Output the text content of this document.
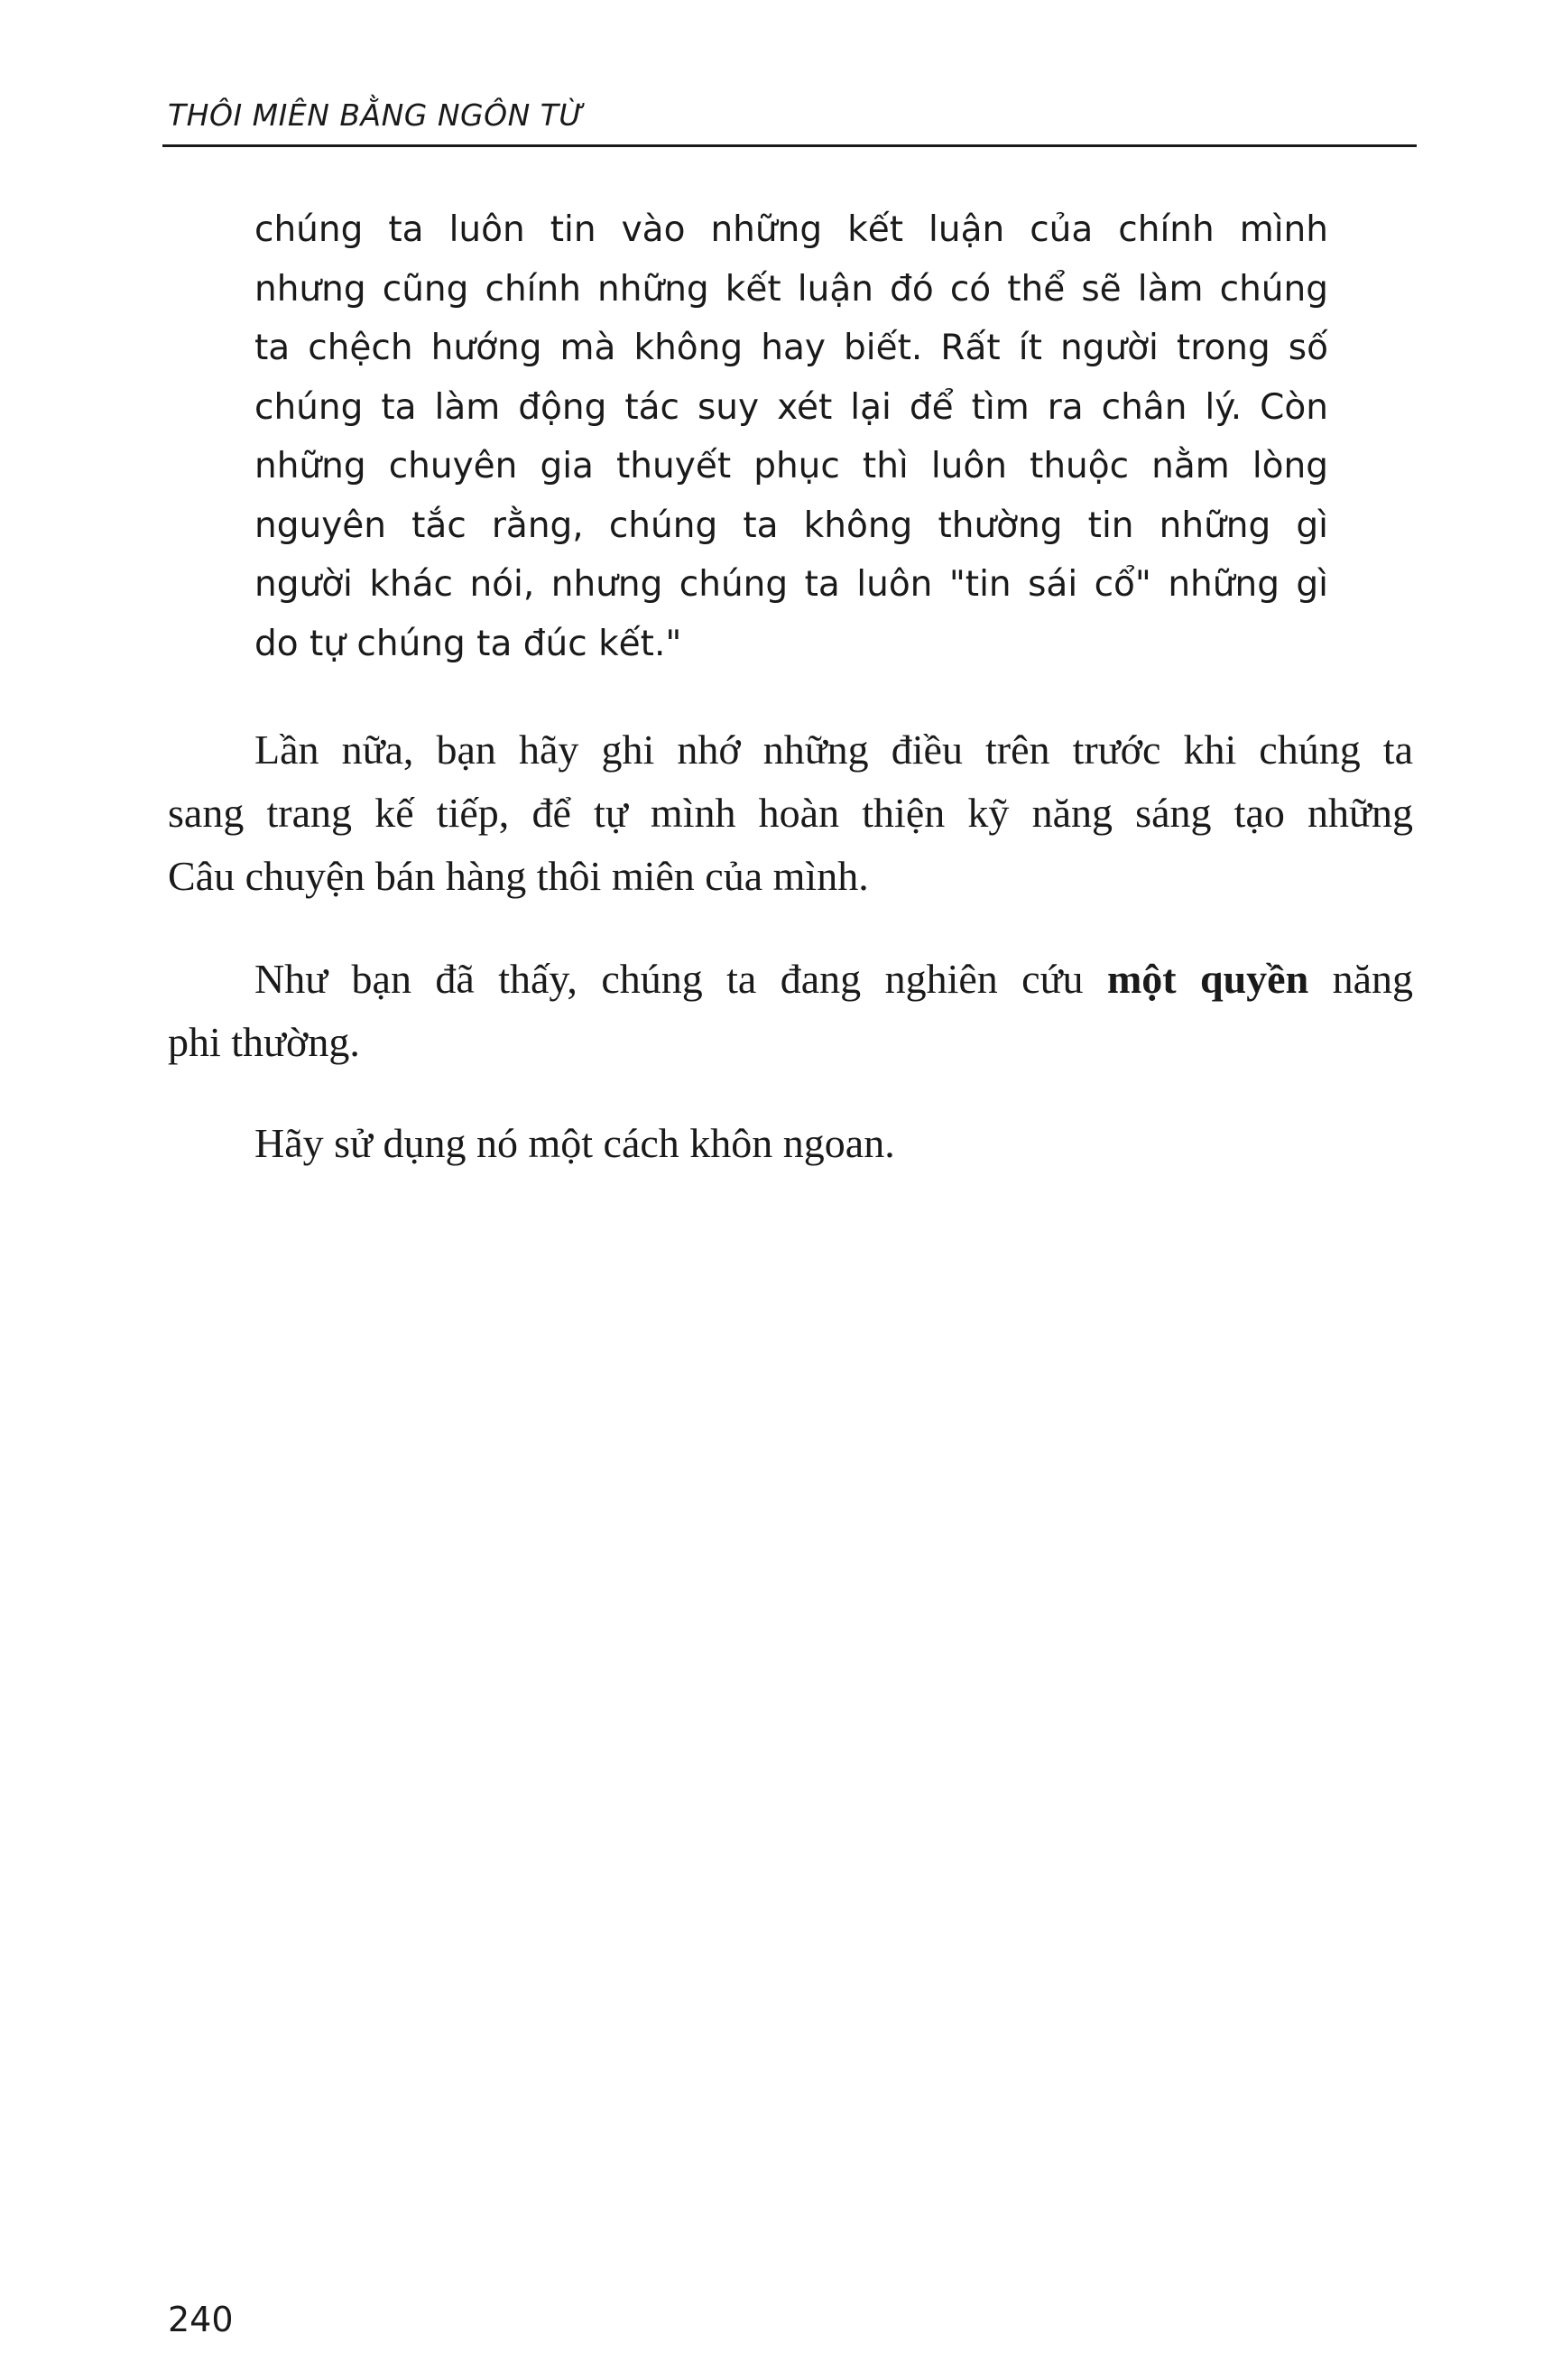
THÔI MIÊN BẰNG NGÔN TỪ
chúng ta luôn tin vào những kết luận của chính mình
nhưng cũng chính những kết luận đó có thể sẽ làm chúng
ta chệch hướng mà không hay biết. Rất ít người trong số
chúng ta làm động tác suy xét lại để tìm ra chân lý. Còn
những chuyên gia thuyết phục thì luôn thuộc nằm lòng
nguyên tắc rằng, chúng ta không thường tin những gì
người khác nói, nhưng chúng ta luôn "tin sái cổ" những gì
do tự chúng ta đúc kết."
Lần nữa, bạn hãy ghi nhớ những điều trên trước khi chúng ta
sang trang kế tiếp, để tự mình hoàn thiện kỹ năng sáng tạo những
Câu chuyện bán hàng thôi miên của mình.
Như bạn đã thấy, chúng ta đang nghiên cứu một quyền năng
phi thường.
Hãy sử dụng nó một cách khôn ngoan.
240
